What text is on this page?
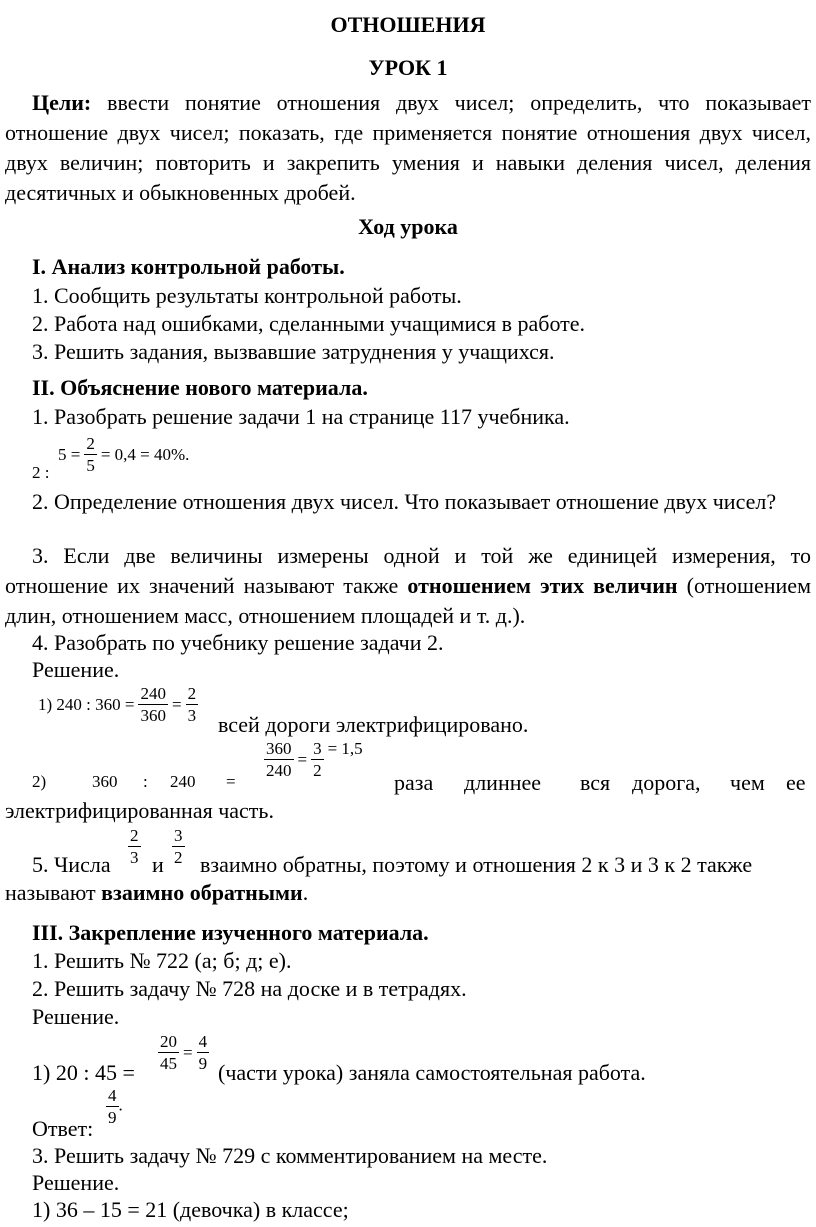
ОТНОШЕНИЯ
УРОК 1
Цели: ввести понятие отношения двух чисел; определить, что показывает отношение двух чисел; показать, где применяется понятие отношения двух чисел, двух величин; повторить и закрепить умения и навыки деления чисел, деления десятичных и обыкновенных дробей.
Ход урока
I. Анализ контрольной работы.
1. Сообщить результаты контрольной работы.
2. Работа над ошибками, сделанными учащимися в работе.
3. Решить задания, вызвавшие затруднения у учащихся.
II. Объяснение нового материала.
1. Разобрать решение задачи 1 на странице 117 учебника.
$5 = \frac{2}{5} = 0,4 = 40\%$.
2 :
2. Определение отношения двух чисел. Что показывает отношение двух чисел?
3. Если две величины измерены одной и той же единицей измерения, то отношение их значений называют также отношением этих величин (отношением длин, отношением масс, отношением площадей и т. д.).
4. Разобрать по учебнику решение задачи 2.
Решение.
1) 240 : $360 = \frac{240}{360} = \frac{2}{3}$ всей дороги электрифицировано.
$\frac{360}{240} = \frac{3}{2} = 1,5$
2)	360 : 240 =	раза длиннее вся дорога, чем ее
электрифицированная часть.
5. Числа $\frac{2}{3}$ и $\frac{3}{2}$ взаимно обратны, поэтому и отношения 2 к 3 и 3 к 2 также
называют взаимно обратными.
III. Закрепление изученного материала.
1. Решить № 722 (а; б; д; е).
2. Решить задачу № 728 на доске и в тетрадях.
Решение.
$\frac{20}{45} = \frac{4}{9}$
1) 20 : 45 =	(части урока) заняла самостоятельная работа.
$\frac{4}{9}$ .
Ответ:
3. Решить задачу № 729 с комментированием на месте.
Решение.
1) 36 – 15 = 21 (девочка) в классе;
